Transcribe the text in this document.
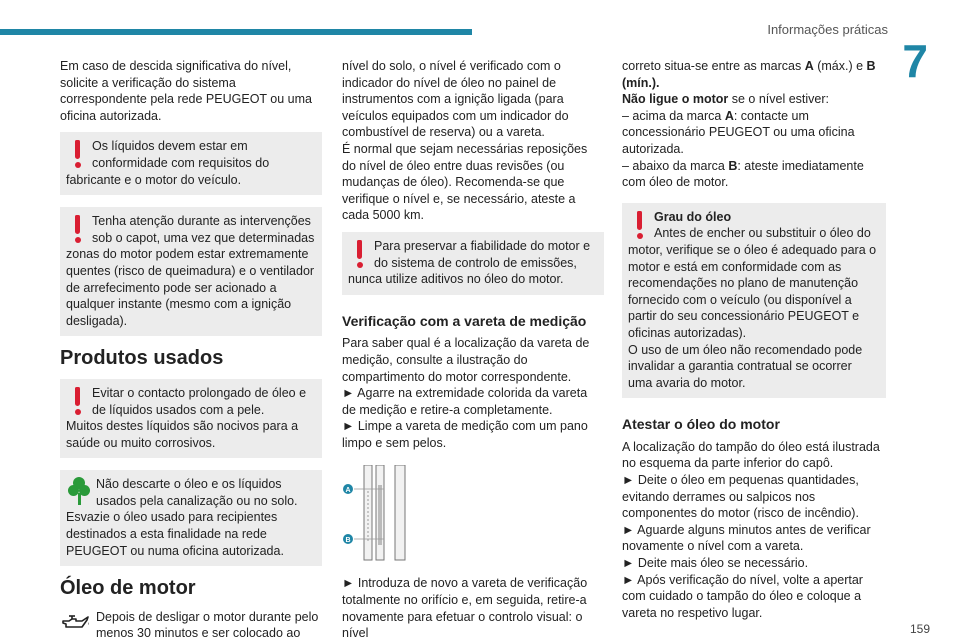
Informações práticas
7

Em caso de descida significativa do nível, solicite a verificação do sistema correspondente pela rede PEUGEOT ou uma oficina autorizada.

Os líquidos devem estar em conformidade com requisitos do fabricante e o motor do veículo.
Tenha atenção durante as intervenções sob o capot, uma vez que determinadas zonas do motor podem estar extremamente quentes (risco de queimadura) e o ventilador de arrefecimento pode ser acionado a qualquer instante (mesmo com a ignição desligada).
Produtos usados
Evitar o contacto prolongado de óleo e de líquidos usados com a pele.
Muitos destes líquidos são nocivos para a saúde ou muito corrosivos.
Não descarte o óleo e os líquidos usados pela canalização ou no solo.
Esvazie o óleo usado para recipientes destinados a esta finalidade na rede PEUGEOT ou numa oficina autorizada.
Óleo de motor
Depois de desligar o motor durante pelo menos 30 minutos e ser colocado ao

nível do solo, o nível é verificado com o indicador do nível de óleo no painel de instrumentos com a ignição ligada (para veículos equipados com um indicador do combustível de reserva) ou a vareta.
É normal que sejam necessárias reposições do nível de óleo entre duas revisões (ou mudanças de óleo). Recomenda-se que verifique o nível e, se necessário, ateste a cada 5000 km.

Para preservar a fiabilidade do motor e do sistema de controlo de emissões, nunca utilize aditivos no óleo do motor.
Verificação com a vareta de medição

Para saber qual é a localização da vareta de medição, consulte a ilustração do compartimento do motor correspondente.
► Agarre na extremidade colorida da vareta de medição e retire-a completamente.
► Limpe a vareta de medição com um pano limpo e sem pelos.

A
B

► Introduza de novo a vareta de verificação totalmente no orifício e, em seguida, retire-a novamente para efetuar o controlo visual: o nível

correto situa-se entre as marcas A (máx.) e B (mín.).

Não ligue o motor se o nível estiver:

– acima da marca A: contacte um concessionário PEUGEOT ou uma oficina autorizada.

– abaixo da marca B: ateste imediatamente com óleo de motor.

Grau do óleo
Antes de encher ou substituir o óleo do motor, verifique se o óleo é adequado para o motor e está em conformidade com as recomendações no plano de manutenção fornecido com o veículo (ou disponível a partir do seu concessionário PEUGEOT e oficinas autorizadas).
O uso de um óleo não recomendado pode invalidar a garantia contratual se ocorrer uma avaria do motor.
Atestar o óleo do motor

A localização do tampão do óleo está ilustrada no esquema da parte inferior do capô.
► Deite o óleo em pequenas quantidades, evitando derrames ou salpicos nos componentes do motor (risco de incêndio).
► Aguarde alguns minutos antes de verificar novamente o nível com a vareta.
► Deite mais óleo se necessário.
► Após verificação do nível, volte a apertar com cuidado o tampão do óleo e coloque a vareta no respetivo lugar.

159
